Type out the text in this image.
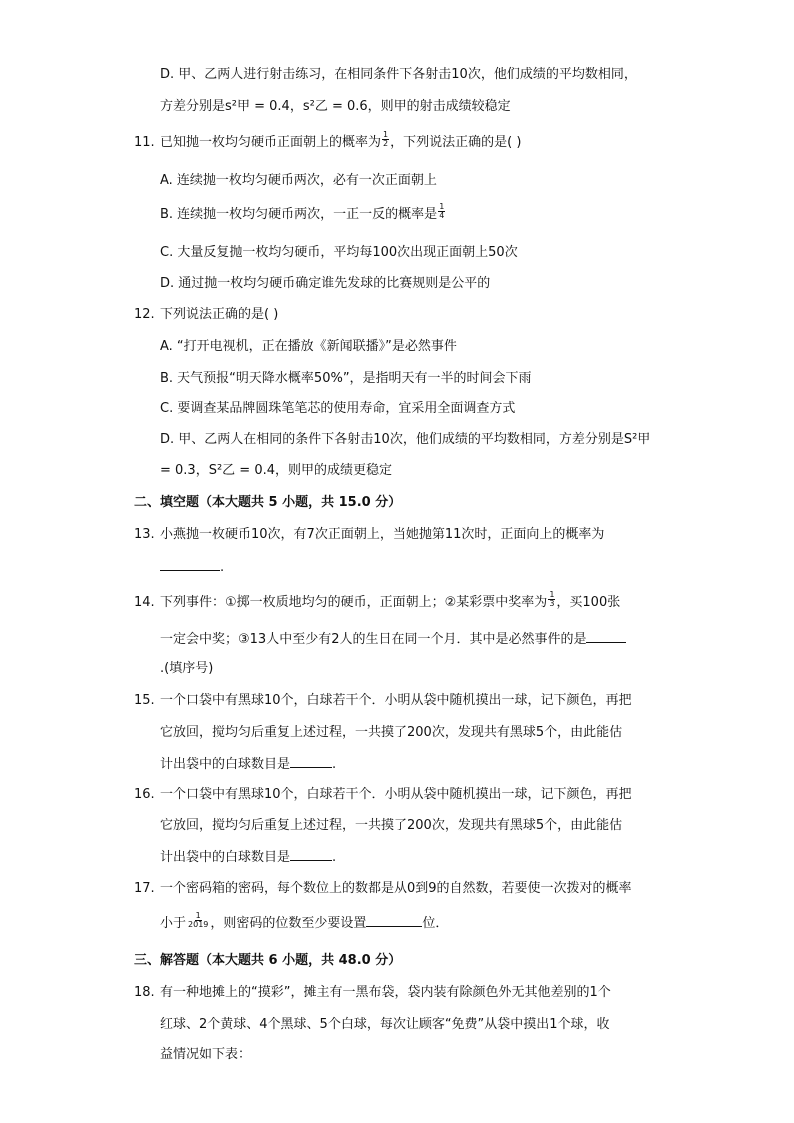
D. 甲、乙两人进行射击练习，在相同条件下各射击10次，他们成绩的平均数相同，
方差分别是s²甲 = 0.4，s²乙 = 0.6，则甲的射击成绩较稳定
11. 已知抛一枚均匀硬币正面朝上的概率为 $\frac{1}{2}$ ，下列说法正确的是( )
A. 连续抛一枚均匀硬币两次，必有一次正面朝上
B. 连续抛一枚均匀硬币两次，一正一反的概率是 $\frac{1}{4}$
C. 大量反复抛一枚均匀硬币，平均每100次出现正面朝上50次
D. 通过抛一枚均匀硬币确定谁先发球的比赛规则是公平的
12. 下列说法正确的是( )
A. “打开电视机，正在播放《新闻联播》”是必然事件
B. 天气预报“明天降水概率50%”，是指明天有一半的时间会下雨
C. 要调查某品牌圆珠笔笔芯的使用寿命，宜采用全面调查方式
D. 甲、乙两人在相同的条件下各射击10次，他们成绩的平均数相同，方差分别是S²甲
= 0.3，S²乙 = 0.4，则甲的成绩更稳定
二、填空题（本大题共 5 小题，共 15.0 分）
13. 小燕抛一枚硬币10次，有7次正面朝上，当她抛第11次时，正面向上的概率为
.
14. 下列事件：①掷一枚质地均匀的硬币，正面朝上；②某彩票中奖率为 $\frac{1}{3}$ ，买100张
一定会中奖；③13人中至少有2人的生日在同一个月．其中是必然事件的是
.(填序号)
15. 一个口袋中有黑球10个，白球若干个．小明从袋中随机摸出一球，记下颜色，再把
它放回，搅均匀后重复上述过程，一共摸了200次，发现共有黑球5个，由此能估
计出袋中的白球数目是	.
16. 一个口袋中有黑球10个，白球若干个．小明从袋中随机摸出一球，记下颜色，再把
它放回，搅均匀后重复上述过程，一共摸了200次，发现共有黑球5个，由此能估
计出袋中的白球数目是	.
17. 一个密码箱的密码，每个数位上的数都是从0到9的自然数，若要使一次拨对的概率
小于 $\frac{1}{2019}$ ，则密码的位数至少要设置	位．
三、解答题（本大题共 6 小题，共 48.0 分）
18. 有一种地摊上的“摸彩”，摊主有一黑布袋，袋内装有除颜色外无其他差别的1个
红球、2个黄球、4个黑球、5个白球，每次让顾客“免费”从袋中摸出1个球，收
益情况如下表：
